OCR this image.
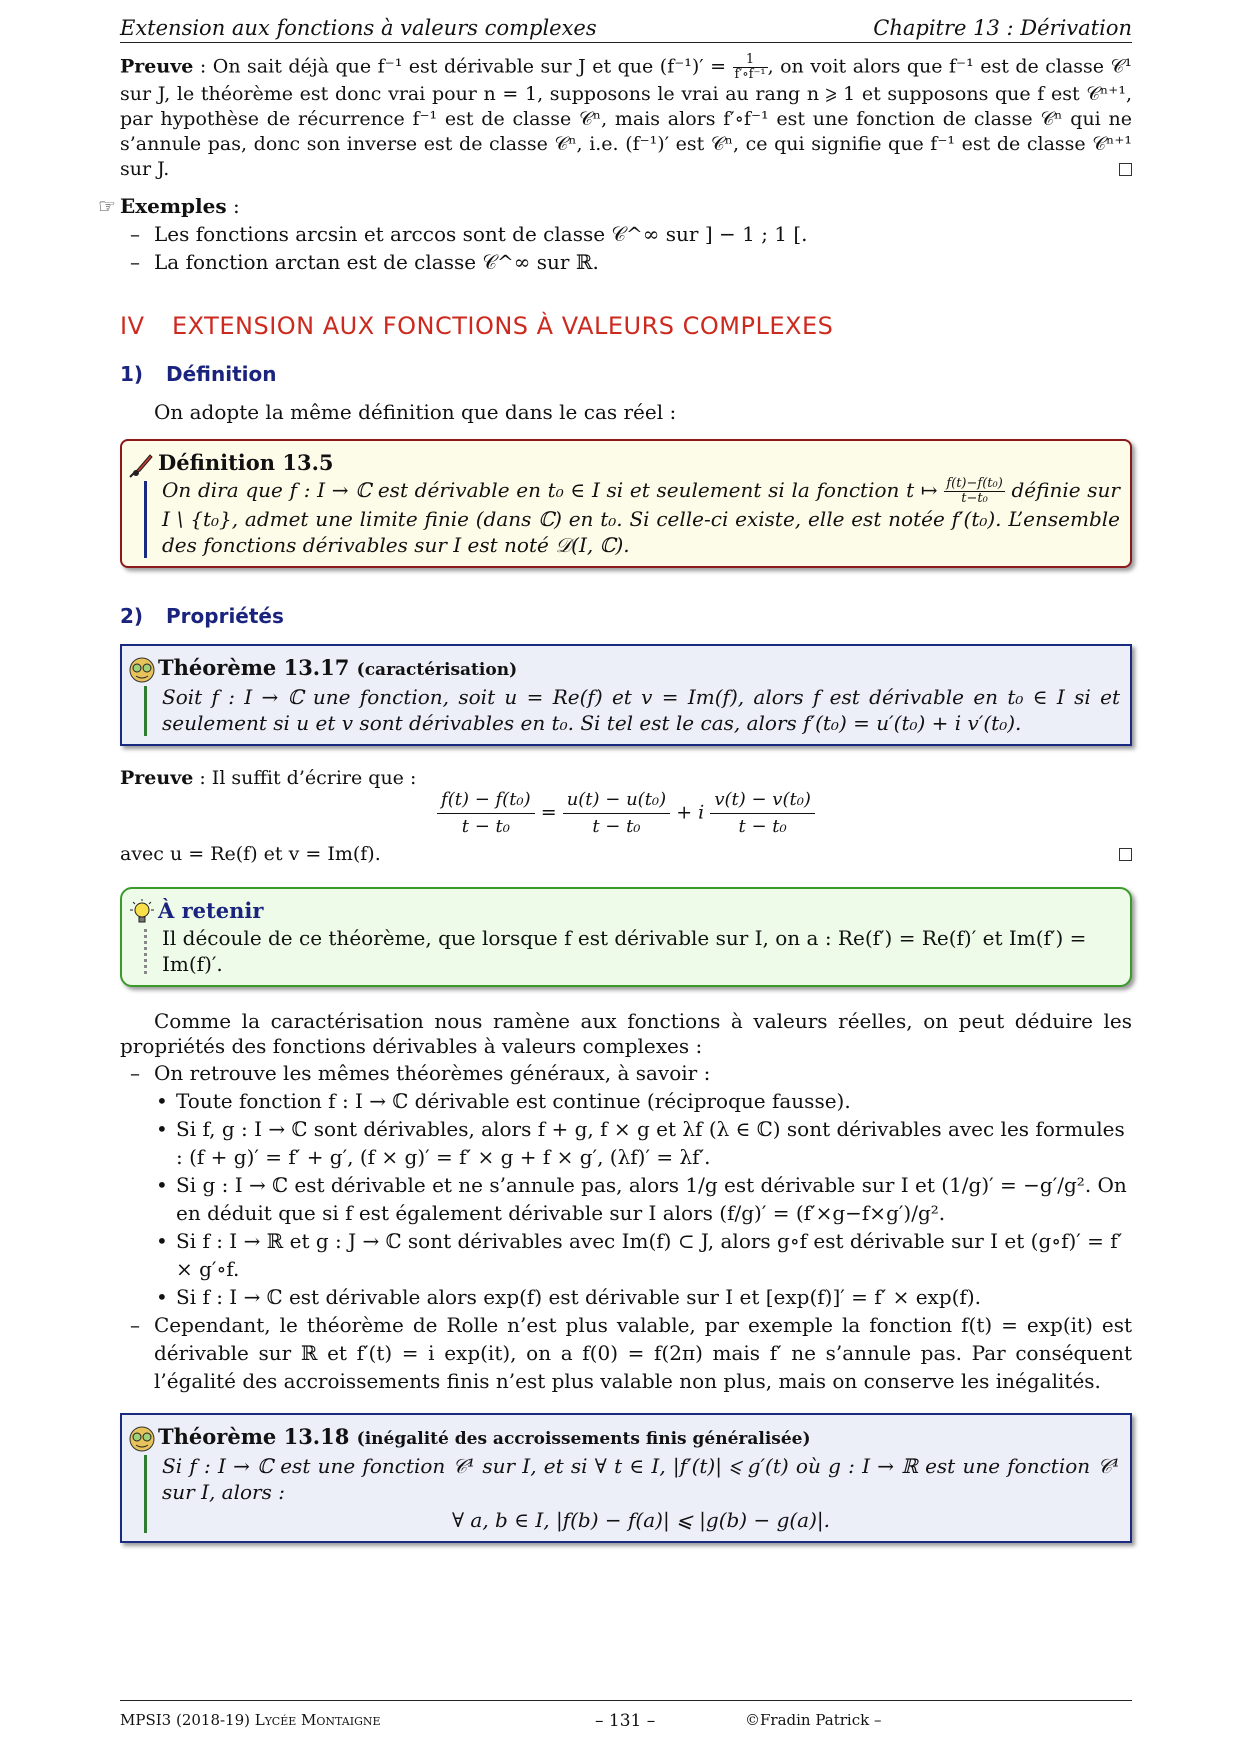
Extension aux fonctions à valeurs complexes	Chapitre 13 : Dérivation

Preuve : On sait déjà que f⁻¹ est dérivable sur J et que $(f^{-1})' = \frac{1}{\text{f′∘f⁻¹}}$ , on voit alors que f⁻¹ est de classe 𝒞¹ sur J, le théorème est donc vrai pour n = 1, supposons le vrai au rang n ⩾ 1 et supposons que f est 𝒞ⁿ⁺¹, par hypothèse de récurrence f⁻¹ est de classe 𝒞ⁿ, mais alors f′∘f⁻¹ est une fonction de classe 𝒞ⁿ qui ne s’annule pas, donc son inverse est de classe 𝒞ⁿ, i.e. (f⁻¹)′ est 𝒞ⁿ, ce qui signifie que f⁻¹ est de classe 𝒞ⁿ⁺¹ sur J.

☞ Exemples :
– Les fonctions arcsin et arccos sont de classe 𝒞^∞ sur ] − 1 ; 1 [.
– La fonction arctan est de classe 𝒞^∞ sur ℝ.
IV EXTENSION AUX FONCTIONS À VALEURS COMPLEXES
1) Définition

On adopte la même définition que dans le cas réel :

Définition 13.5
On dira que f : I → ℂ est dérivable en t₀ ∈ I si et seulement si la fonction t ↦ $\frac{\text{f(t)−f(t₀)}}{\text{t−t₀}}$ définie sur I \ {t₀}, admet une limite finie (dans ℂ) en t₀. Si celle-ci existe, elle est notée f′(t₀). L’ensemble des fonctions dérivables sur I est noté 𝒟(I, ℂ).
2) Propriétés
Théorème 13.17 (caractérisation)
Soit f : I → ℂ une fonction, soit u = Re(f) et v = Im(f), alors f est dérivable en t₀ ∈ I si et seulement si u et v sont dérivables en t₀. Si tel est le cas, alors f′(t₀) = u′(t₀) + i v′(t₀).

Preuve : Il suffit d’écrire que :

$\frac{\text{f(t) − f(t₀)}}{\text{t − t₀}} = \frac{\text{u(t) − u(t₀)}}{\text{t − t₀}} + i \frac{\text{v(t) − v(t₀)}}{\text{t − t₀}}$

avec u = Re(f) et v = Im(f).

À retenir
Il découle de ce théorème, que lorsque f est dérivable sur I, on a : Re(f′) = Re(f)′ et Im(f′) = Im(f)′.

Comme la caractérisation nous ramène aux fonctions à valeurs réelles, on peut déduire les propriétés des fonctions dérivables à valeurs complexes :

– On retrouve les mêmes théorèmes généraux, à savoir :
• Toute fonction f : I → ℂ dérivable est continue (réciproque fausse).
• Si f, g : I → ℂ sont dérivables, alors f + g, f × g et λf (λ ∈ ℂ) sont dérivables avec les formules : (f + g)′ = f′ + g′, (f × g)′ = f′ × g + f × g′, (λf)′ = λf′.
• Si g : I → ℂ est dérivable et ne s’annule pas, alors 1/g est dérivable sur I et (1/g)′ = −g′/g². On en déduit que si f est également dérivable sur I alors (f/g)′ = (f′×g−f×g′)/g².
• Si f : I → ℝ et g : J → ℂ sont dérivables avec Im(f) ⊂ J, alors g∘f est dérivable sur I et (g∘f)′ = f′ × g′∘f.
• Si f : I → ℂ est dérivable alors exp(f) est dérivable sur I et [exp(f)]′ = f′ × exp(f).
– Cependant, le théorème de Rolle n’est plus valable, par exemple la fonction f(t) = exp(it) est dérivable sur ℝ et f′(t) = i exp(it), on a f(0) = f(2π) mais f′ ne s’annule pas. Par conséquent l’égalité des accroissements finis n’est plus valable non plus, mais on conserve les inégalités.
Théorème 13.18 (inégalité des accroissements finis généralisée)
Si f : I → ℂ est une fonction 𝒞¹ sur I, et si ∀ t ∈ I, |f′(t)| ⩽ g′(t) où g : I → ℝ est une fonction 𝒞¹ sur I, alors :
∀ a, b ∈ I, |f(b) − f(a)| ⩽ |g(b) − g(a)|.
MPSI3 (2018-19) Lycée Montaigne	– 131 –	©Fradin Patrick –
